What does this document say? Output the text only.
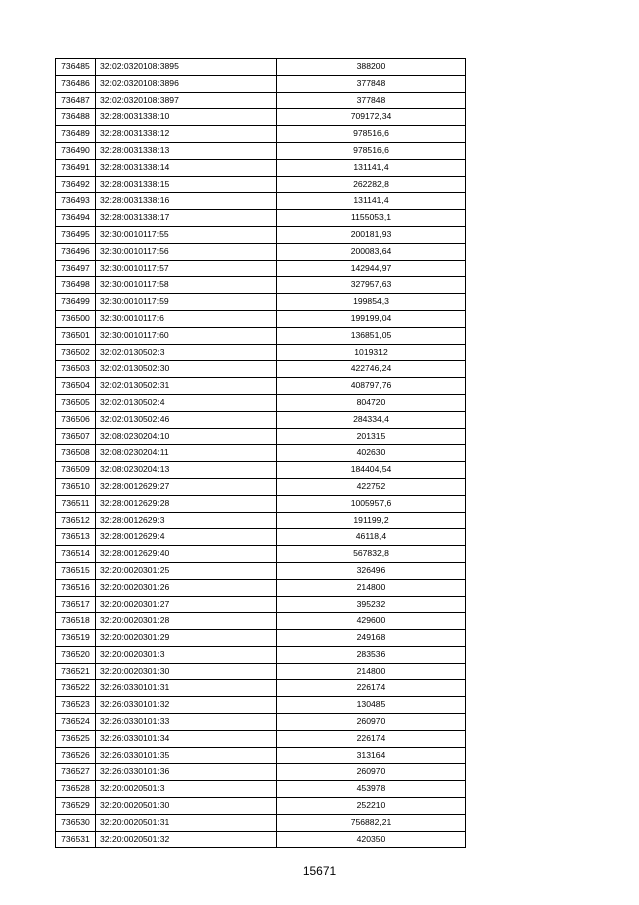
736485	32:02:0320108:3895	388200
736486	32:02:0320108:3896	377848
736487	32:02:0320108:3897	377848
736488	32:28:0031338:10	709172,34
736489	32:28:0031338:12	978516,6
736490	32:28:0031338:13	978516,6
736491	32:28:0031338:14	131141,4
736492	32:28:0031338:15	262282,8
736493	32:28:0031338:16	131141,4
736494	32:28:0031338:17	1155053,1
736495	32:30:0010117:55	200181,93
736496	32:30:0010117:56	200083,64
736497	32:30:0010117:57	142944,97
736498	32:30:0010117:58	327957,63
736499	32:30:0010117:59	199854,3
736500	32:30:0010117:6	199199,04
736501	32:30:0010117:60	136851,05
736502	32:02:0130502:3	1019312
736503	32:02:0130502:30	422746,24
736504	32:02:0130502:31	408797,76
736505	32:02:0130502:4	804720
736506	32:02:0130502:46	284334,4
736507	32:08:0230204:10	201315
736508	32:08:0230204:11	402630
736509	32:08:0230204:13	184404,54
736510	32:28:0012629:27	422752
736511	32:28:0012629:28	1005957,6
736512	32:28:0012629:3	191199,2
736513	32:28:0012629:4	46118,4
736514	32:28:0012629:40	567832,8
736515	32:20:0020301:25	326496
736516	32:20:0020301:26	214800
736517	32:20:0020301:27	395232
736518	32:20:0020301:28	429600
736519	32:20:0020301:29	249168
736520	32:20:0020301:3	283536
736521	32:20:0020301:30	214800
736522	32:26:0330101:31	226174
736523	32:26:0330101:32	130485
736524	32:26:0330101:33	260970
736525	32:26:0330101:34	226174
736526	32:26:0330101:35	313164
736527	32:26:0330101:36	260970
736528	32:20:0020501:3	453978
736529	32:20:0020501:30	252210
736530	32:20:0020501:31	756882,21
736531	32:20:0020501:32	420350
15671
